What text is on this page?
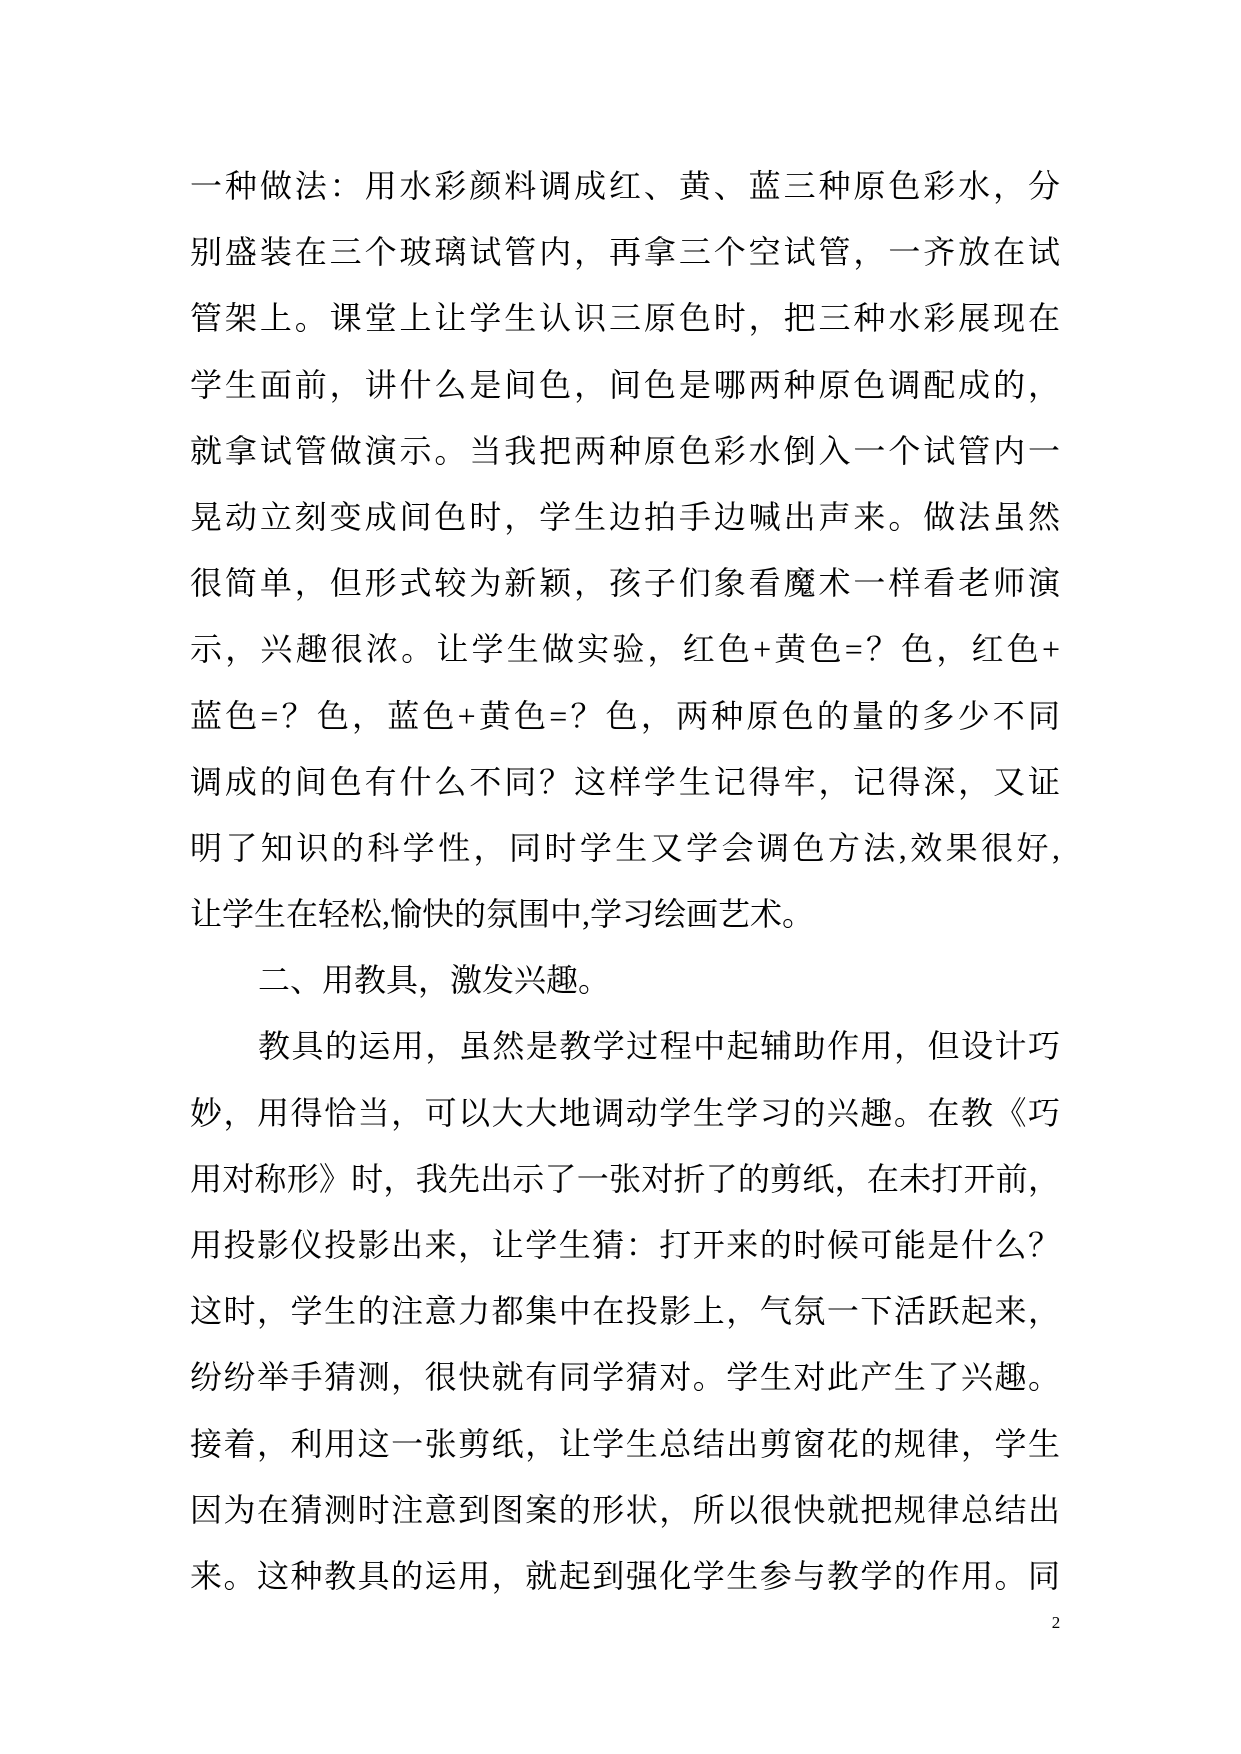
一种做法：用水彩颜料调成红、黄、蓝三种原色彩水，分
别盛装在三个玻璃试管内，再拿三个空试管，一齐放在试
管架上。课堂上让学生认识三原色时，把三种水彩展现在
学生面前，讲什么是间色，间色是哪两种原色调配成的，
就拿试管做演示。当我把两种原色彩水倒入一个试管内一
晃动立刻变成间色时，学生边拍手边喊出声来。做法虽然
很简单，但形式较为新颖，孩子们象看魔术一样看老师演
示，兴趣很浓。让学生做实验，红色+黄色=？色，红色+
蓝色=？色，蓝色+黄色=？色，两种原色的量的多少不同
调成的间色有什么不同？这样学生记得牢，记得深，又证
明了知识的科学性，同时学生又学会调色方法,效果很好,
让学生在轻松,愉快的氛围中,学习绘画艺术。
二、用教具，激发兴趣。
教具的运用，虽然是教学过程中起辅助作用，但设计巧
妙，用得恰当，可以大大地调动学生学习的兴趣。在教《巧
用对称形》时，我先出示了一张对折了的剪纸，在未打开前，
用投影仪投影出来，让学生猜：打开来的时候可能是什么？
这时，学生的注意力都集中在投影上，气氛一下活跃起来，
纷纷举手猜测，很快就有同学猜对。学生对此产生了兴趣。
接着，利用这一张剪纸，让学生总结出剪窗花的规律，学生
因为在猜测时注意到图案的形状，所以很快就把规律总结出
来。这种教具的运用，就起到强化学生参与教学的作用。同
2
